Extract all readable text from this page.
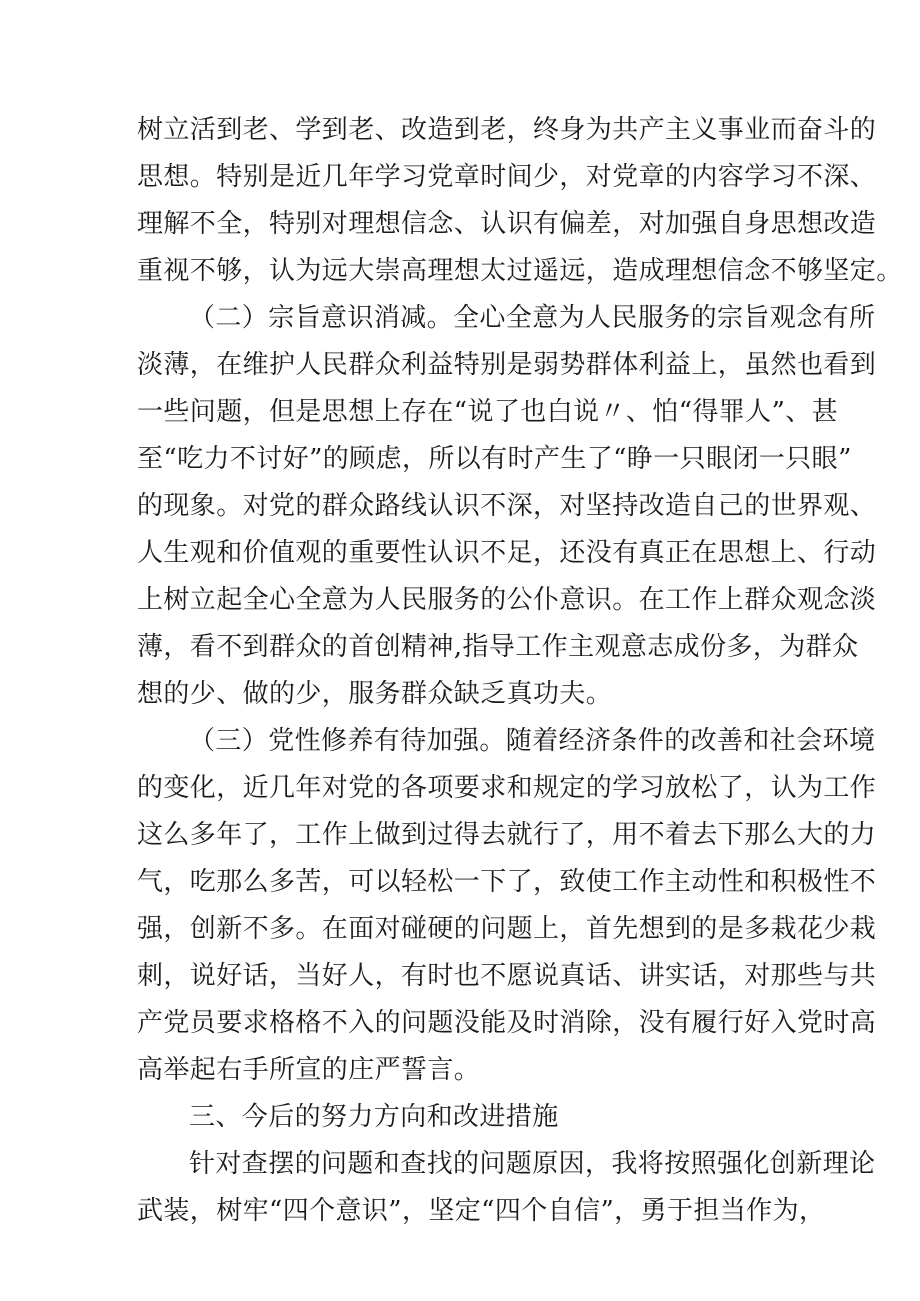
树立活到老、学到老、改造到老，终身为共产主义事业而奋斗的
思想。特别是近几年学习党章时间少，对党章的内容学习不深、
理解不全，特别对理想信念、认识有偏差，对加强自身思想改造
重视不够，认为远大崇高理想太过遥远，造成理想信念不够坚定。
（二）宗旨意识消减。全心全意为人民服务的宗旨观念有所
淡薄，在维护人民群众利益特别是弱势群体利益上，虽然也看到
一些问题，但是思想上存在“说了也白说〃、怕“得罪人”、甚
至“吃力不讨好”的顾虑，所以有时产生了“睁一只眼闭一只眼”
的现象。对党的群众路线认识不深，对坚持改造自己的世界观、
人生观和价值观的重要性认识不足，还没有真正在思想上、行动
上树立起全心全意为人民服务的公仆意识。在工作上群众观念淡
薄，看不到群众的首创精神,指导工作主观意志成份多，为群众
想的少、做的少，服务群众缺乏真功夫。
（三）党性修养有待加强。随着经济条件的改善和社会环境
的变化，近几年对党的各项要求和规定的学习放松了，认为工作
这么多年了，工作上做到过得去就行了，用不着去下那么大的力
气，吃那么多苦，可以轻松一下了，致使工作主动性和积极性不
强，创新不多。在面对碰硬的问题上，首先想到的是多栽花少栽
刺，说好话，当好人，有时也不愿说真话、讲实话，对那些与共
产党员要求格格不入的问题没能及时消除，没有履行好入党时高
高举起右手所宣的庄严誓言。
三、今后的努力方向和改进措施
针对查摆的问题和查找的问题原因，我将按照强化创新理论
武装，树牢“四个意识”，坚定“四个自信”，勇于担当作为，
